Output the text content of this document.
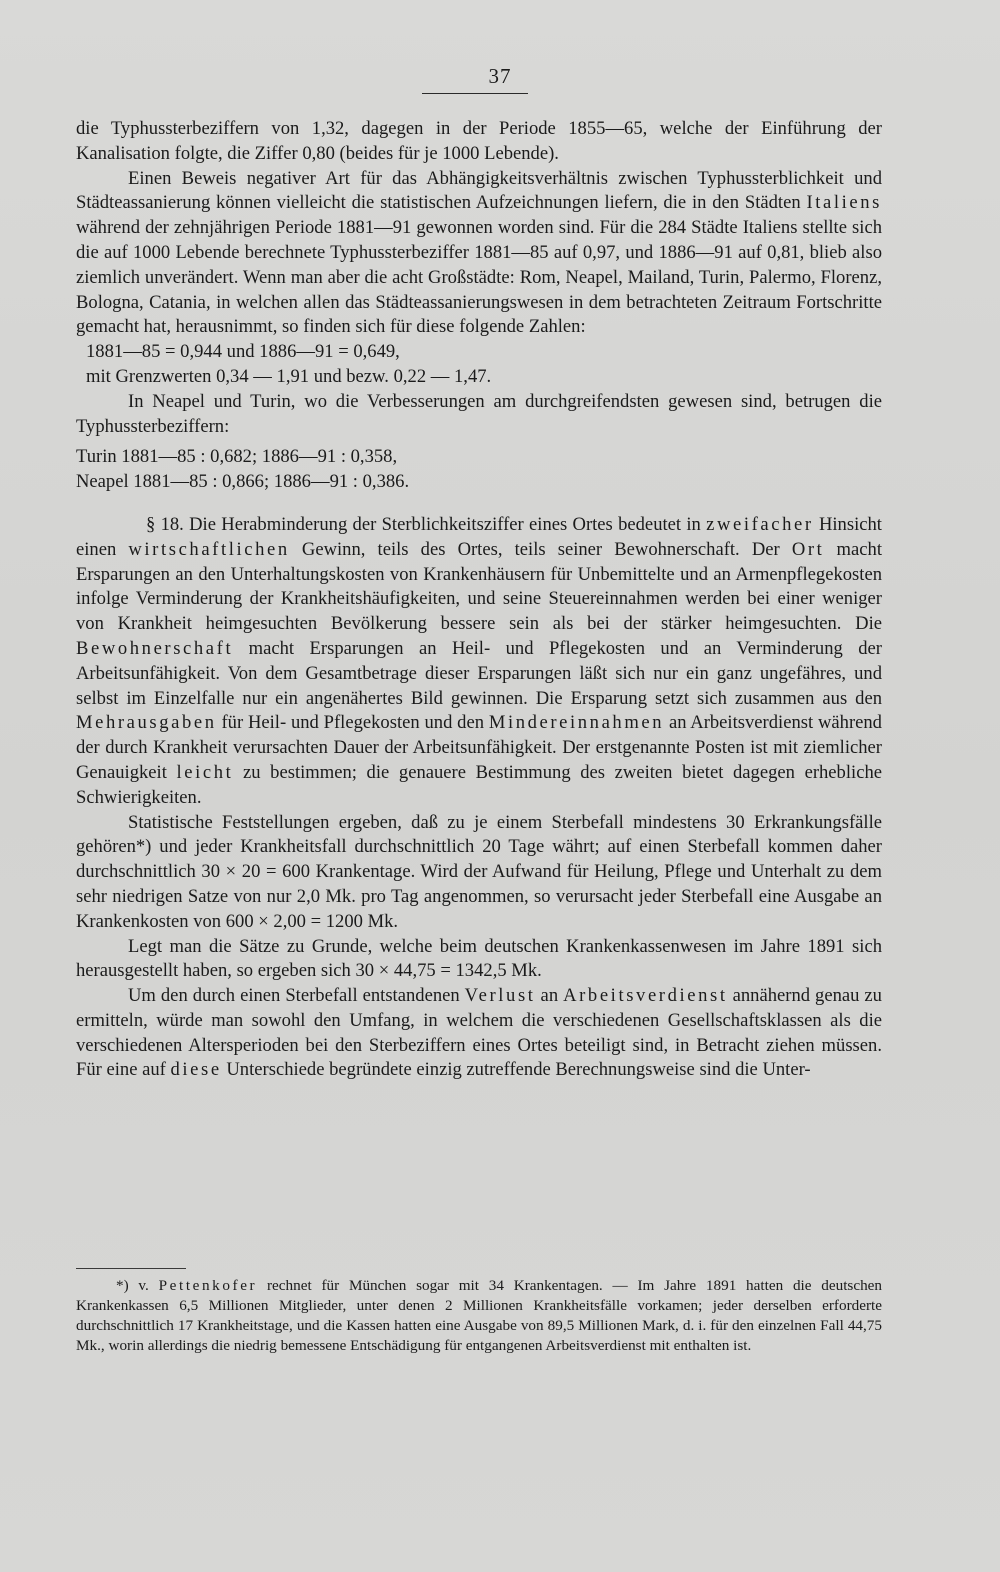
37

die Typhussterbeziffern von 1,32, dagegen in der Periode 1855—65, welche der Einführung der Kanalisation folgte, die Ziffer 0,80 (beides für je 1000 Lebende).

Einen Beweis negativer Art für das Abhängigkeitsverhältnis zwischen Typhussterblichkeit und Städteassanierung können vielleicht die statistischen Aufzeichnungen liefern, die in den Städten Italiens während der zehnjährigen Periode 1881—91 gewonnen worden sind. Für die 284 Städte Italiens stellte sich die auf 1000 Lebende berechnete Typhussterbeziffer 1881—85 auf 0,97, und 1886—91 auf 0,81, blieb also ziemlich unverändert. Wenn man aber die acht Großstädte: Rom, Neapel, Mailand, Turin, Palermo, Florenz, Bologna, Catania, in welchen allen das Städteassanierungswesen in dem betrachteten Zeitraum Fortschritte gemacht hat, herausnimmt, so finden sich für diese folgende Zahlen:

1881—85 = 0,944 und 1886—91 = 0,649,

mit Grenzwerten 0,34 — 1,91 und bezw. 0,22 — 1,47.

In Neapel und Turin, wo die Verbesserungen am durchgreifendsten gewesen sind, betrugen die Typhussterbeziffern:

Turin 1881—85 : 0,682; 1886—91 : 0,358,

Neapel 1881—85 : 0,866; 1886—91 : 0,386.

§ 18. Die Herabminderung der Sterblichkeitsziffer eines Ortes bedeutet in zweifacher Hinsicht einen wirtschaftlichen Gewinn, teils des Ortes, teils seiner Bewohnerschaft. Der Ort macht Ersparungen an den Unterhaltungskosten von Krankenhäusern für Unbemittelte und an Armenpflegekosten infolge Verminderung der Krankheitshäufigkeiten, und seine Steuereinnahmen werden bei einer weniger von Krankheit heimgesuchten Bevölkerung bessere sein als bei der stärker heimgesuchten. Die Bewohnerschaft macht Ersparungen an Heil- und Pflegekosten und an Verminderung der Arbeitsunfähigkeit. Von dem Gesamtbetrage dieser Ersparungen läßt sich nur ein ganz ungefähres, und selbst im Einzelfalle nur ein angenähertes Bild gewinnen. Die Ersparung setzt sich zusammen aus den Mehrausgaben für Heil- und Pflegekosten und den Mindereinnahmen an Arbeitsverdienst während der durch Krankheit verursachten Dauer der Arbeitsunfähigkeit. Der erstgenannte Posten ist mit ziemlicher Genauigkeit leicht zu bestimmen; die genauere Bestimmung des zweiten bietet dagegen erhebliche Schwierigkeiten.

Statistische Feststellungen ergeben, daß zu je einem Sterbefall mindestens 30 Erkrankungsfälle gehören*) und jeder Krankheitsfall durchschnittlich 20 Tage währt; auf einen Sterbefall kommen daher durchschnittlich 30 × 20 = 600 Krankentage. Wird der Aufwand für Heilung, Pflege und Unterhalt zu dem sehr niedrigen Satze von nur 2,0 Mk. pro Tag angenommen, so verursacht jeder Sterbefall eine Ausgabe an Krankenkosten von 600 × 2,00 = 1200 Mk.

Legt man die Sätze zu Grunde, welche beim deutschen Krankenkassenwesen im Jahre 1891 sich herausgestellt haben, so ergeben sich 30 × 44,75 = 1342,5 Mk.

Um den durch einen Sterbefall entstandenen Verlust an Arbeitsverdienst annähernd genau zu ermitteln, würde man sowohl den Umfang, in welchem die verschiedenen Gesellschaftsklassen als die verschiedenen Altersperioden bei den Sterbeziffern eines Ortes beteiligt sind, in Betracht ziehen müssen. Für eine auf diese Unterschiede begründete einzig zutreffende Berechnungsweise sind die Unter-

*) v. Pettenkofer rechnet für München sogar mit 34 Krankentagen. — Im Jahre 1891 hatten die deutschen Krankenkassen 6,5 Millionen Mitglieder, unter denen 2 Millionen Krankheitsfälle vorkamen; jeder derselben erforderte durchschnittlich 17 Krankheitstage, und die Kassen hatten eine Ausgabe von 89,5 Millionen Mark, d. i. für den einzelnen Fall 44,75 Mk., worin allerdings die niedrig bemessene Entschädigung für entgangenen Arbeitsverdienst mit enthalten ist.
